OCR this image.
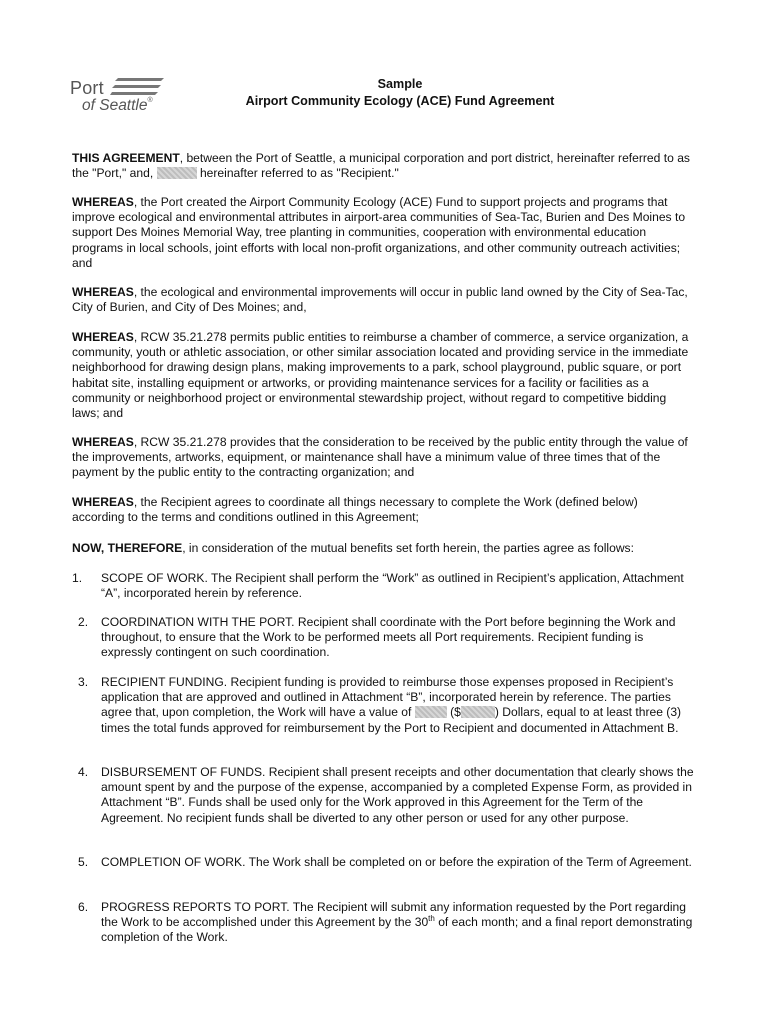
Port
of Seattle®
Sample
Airport Community Ecology (ACE) Fund Agreement
THIS AGREEMENT, between the Port of Seattle, a municipal corporation and port district, hereinafter referred to as the "Port," and,	hereinafter referred to as "Recipient."
WHEREAS, the Port created the Airport Community Ecology (ACE) Fund to support projects and programs that improve ecological and environmental attributes in airport-area communities of Sea-Tac, Burien and Des Moines to support Des Moines Memorial Way, tree planting in communities, cooperation with environmental education programs in local schools, joint efforts with local non-profit organizations, and other community outreach activities; and
WHEREAS, the ecological and environmental improvements will occur in public land owned by the City of Sea-Tac, City of Burien, and City of Des Moines; and,
WHEREAS, RCW 35.21.278 permits public entities to reimburse a chamber of commerce, a service organization, a community, youth or athletic association, or other similar association located and providing service in the immediate neighborhood for drawing design plans, making improvements to a park, school playground, public square, or port habitat site, installing equipment or artworks, or providing maintenance services for a facility or facilities as a community or neighborhood project or environmental stewardship project, without regard to competitive bidding laws; and
WHEREAS, RCW 35.21.278 provides that the consideration to be received by the public entity through the value of the improvements, artworks, equipment, or maintenance shall have a minimum value of three times that of the payment by the public entity to the contracting organization; and
WHEREAS, the Recipient agrees to coordinate all things necessary to complete the Work (defined below) according to the terms and conditions outlined in this Agreement;
NOW, THEREFORE, in consideration of the mutual benefits set forth herein, the parties agree as follows:
1.	SCOPE OF WORK. The Recipient shall perform the “Work” as outlined in Recipient’s application, Attachment “A”, incorporated herein by reference.
2.	COORDINATION WITH THE PORT. Recipient shall coordinate with the Port before beginning the Work and throughout, to ensure that the Work to be performed meets all Port requirements. Recipient funding is expressly contingent on such coordination.
3.	RECIPIENT FUNDING. Recipient funding is provided to reimburse those expenses proposed in Recipient’s application that are approved and outlined in Attachment “B”, incorporated herein by reference. The parties agree that, upon completion, the Work will have a value of	($	) Dollars, equal to at least three (3) times the total funds approved for reimbursement by the Port to Recipient and documented in Attachment B.
4.	DISBURSEMENT OF FUNDS. Recipient shall present receipts and other documentation that clearly shows the amount spent by and the purpose of the expense, accompanied by a completed Expense Form, as provided in Attachment “B”. Funds shall be used only for the Work approved in this Agreement for the Term of the Agreement. No recipient funds shall be diverted to any other person or used for any other purpose.
5.	COMPLETION OF WORK. The Work shall be completed on or before the expiration of the Term of Agreement.
6.	PROGRESS REPORTS TO PORT. The Recipient will submit any information requested by the Port regarding the Work to be accomplished under this Agreement by the 30th of each month; and a final report demonstrating completion of the Work.
